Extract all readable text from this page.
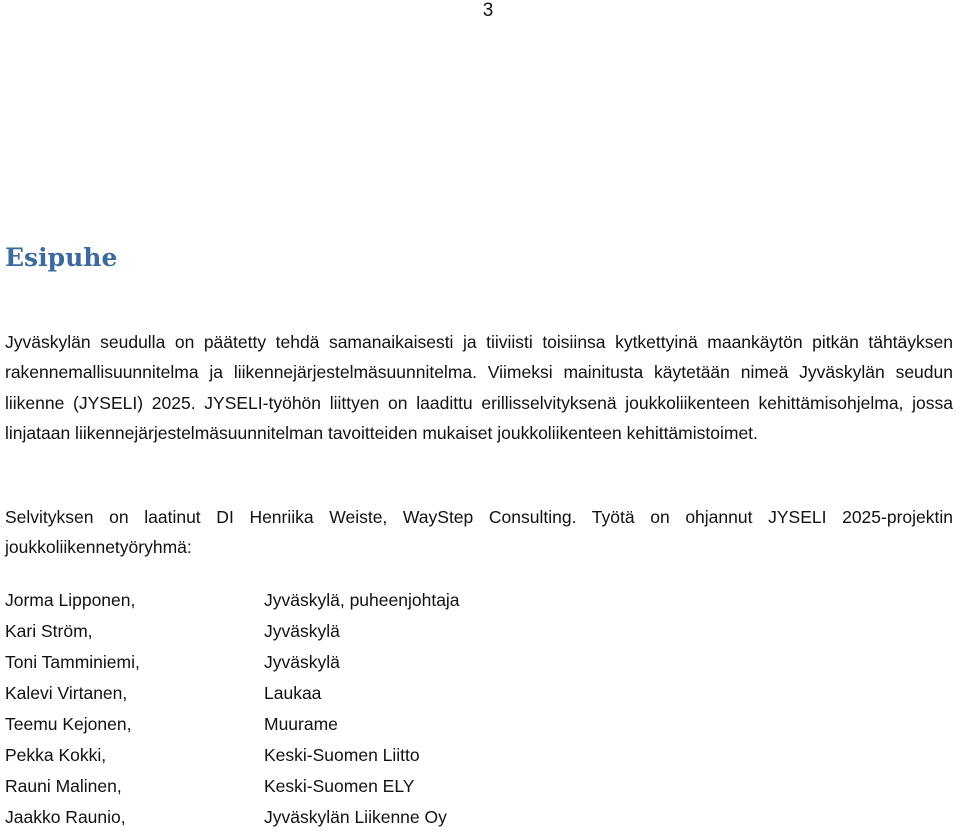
3
Esipuhe

Jyväskylän seudulla on päätetty tehdä samanaikaisesti ja tiiviisti toisiinsa kytkettyinä maankäytön pitkän tähtäyksen rakennemallisuunnitelma ja liikennejärjestelmäsuunnitelma. Viimeksi mainitusta käytetään nimeä Jyväskylän seudun liikenne (JYSELI) 2025. JYSELI-työhön liittyen on laadittu erillisselvityksenä joukkoliikenteen kehittämisohjelma, jossa linjataan liikennejärjestelmäsuunnitelman tavoitteiden mukaiset joukkoliikenteen kehittämistoimet.

Selvityksen on laatinut DI Henriika Weiste, WayStep Consulting. Työtä on ohjannut JYSELI 2025-projektin joukkoliikennetyöryhmä:

Jorma Lipponen,	Jyväskylä, puheenjohtaja
Kari Ström,	Jyväskylä
Toni Tamminiemi,	Jyväskylä
Kalevi Virtanen,	Laukaa
Teemu Kejonen,	Muurame
Pekka Kokki,	Keski-Suomen Liitto
Rauni Malinen,	Keski-Suomen ELY
Jaakko Raunio,	Jyväskylän Liikenne Oy
